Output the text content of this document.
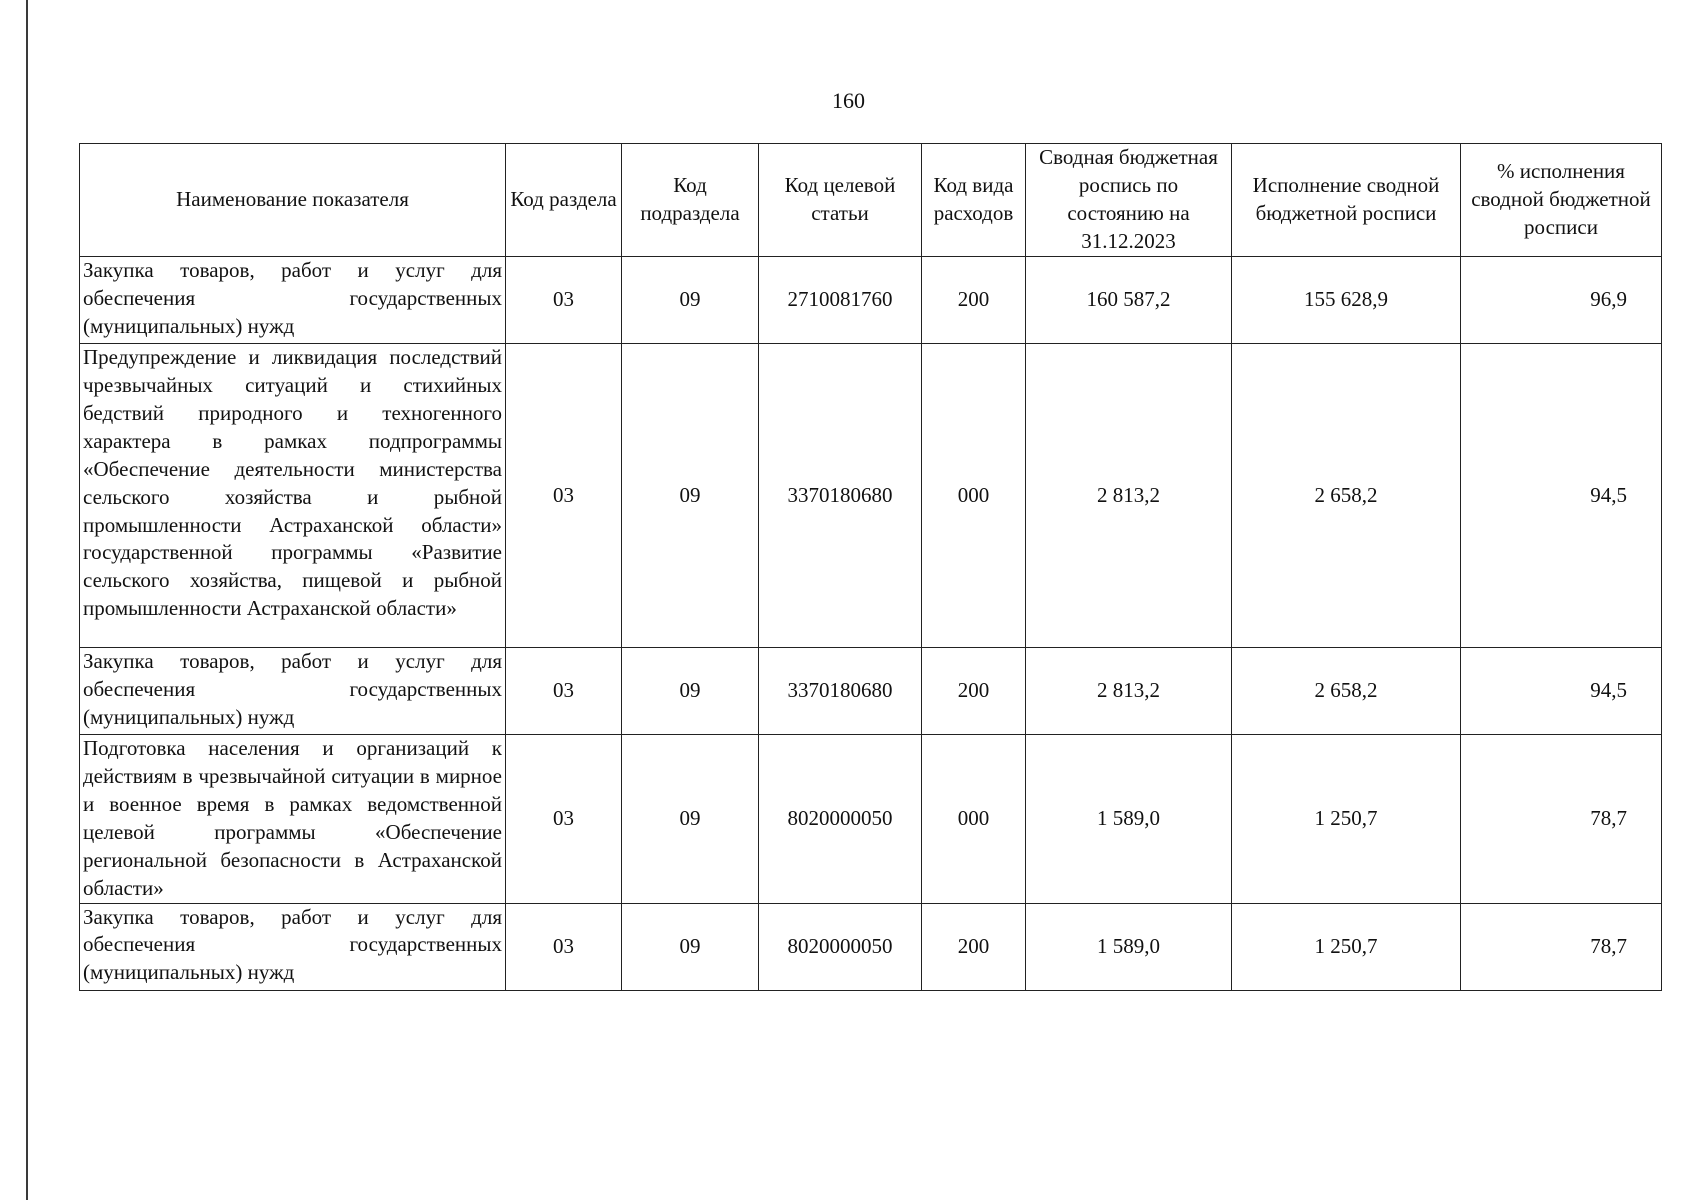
160
Наименование показателя	Код раздела	Код подраздела	Код целевой статьи	Код вида расходов	Сводная бюджетная роспись по состоянию на 31.12.2023	Исполнение сводной бюджетной росписи	% исполнения сводной бюджетной росписи
Закупка товаров, работ и услуг для обеспечения государственных (муниципальных) нужд	03	09	2710081760	200	160 587,2	155 628,9	96,9
Предупреждение и ликвидация последствий чрезвычайных ситуаций и стихийных бедствий природного и техногенного характера в рамках подпрограммы «Обеспечение деятельности министерства сельского хозяйства и рыбной промышленности Астраханской области» государственной программы «Развитие сельского хозяйства, пищевой и рыбной промышленности Астраханской области»	03	09	3370180680	000	2 813,2	2 658,2	94,5
Закупка товаров, работ и услуг для обеспечения государственных (муниципальных) нужд	03	09	3370180680	200	2 813,2	2 658,2	94,5
Подготовка населения и организаций к действиям в чрезвычайной ситуации в мирное и военное время в рамках ведомственной целевой программы «Обеспечение региональной безопасности в Астраханской области»	03	09	8020000050	000	1 589,0	1 250,7	78,7
Закупка товаров, работ и услуг для обеспечения государственных (муниципальных) нужд	03	09	8020000050	200	1 589,0	1 250,7	78,7
